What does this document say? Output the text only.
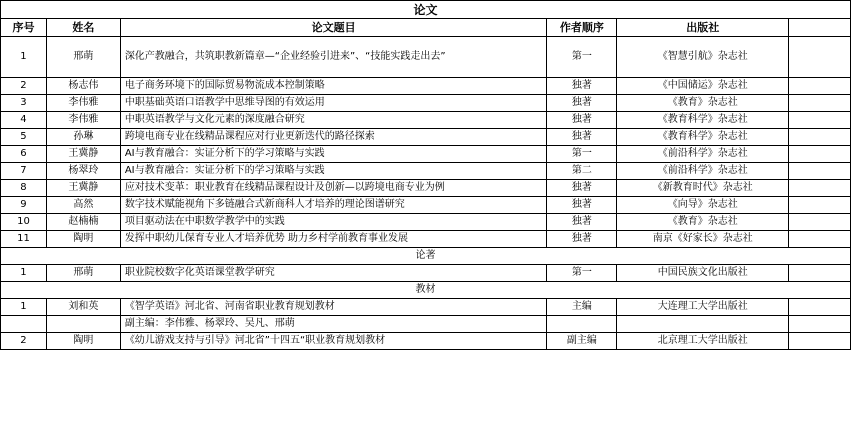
论文					
序号	姓名	论文题目	作者顺序	出版社	
1	邢萌	深化产教融合，共筑职教新篇章—“企业经验引进来”、“技能实践走出去”	第一	《智慧引航》杂志社	
2	杨志伟	电子商务环境下的国际贸易物流成本控制策略	独著	《中国储运》杂志社	
3	李伟雅	中职基础英语口语教学中思维导图的有效运用	独著	《教育》杂志社	
4	李伟雅	中职英语教学与文化元素的深度融合研究	独著	《教育科学》杂志社	
5	孙琳	跨境电商专业在线精品课程应对行业更新迭代的路径探索	独著	《教育科学》杂志社	
6	王冀静	AI与教育融合：实证分析下的学习策略与实践	第一	《前沿科学》杂志社	
7	杨翠玲	AI与教育融合：实证分析下的学习策略与实践	第二	《前沿科学》杂志社	
8	王冀静	应对技术变革：职业教育在线精品课程设计及创新—以跨境电商专业为例	独著	《新教育时代》杂志社	
9	高然	数字技术赋能视角下多链融合式新商科人才培养的理论图谱研究	独著	《向导》杂志社	
10	赵楠楠	项目驱动法在中职数学教学中的实践	独著	《教育》杂志社	
11	陶明	发挥中职幼儿保育专业人才培养优势 助力乡村学前教育事业发展	独著	南京《好家长》杂志社	
论著					
1	邢萌	职业院校数字化英语课堂教学研究	第一	中国民族文化出版社	
教材					
1	刘和英	《智学英语》河北省、河南省职业教育规划教材	主编	大连理工大学出版社	
		副主编：李伟雅、杨翠玲、吴凡、邢萌			
2	陶明	《幼儿游戏支持与引导》河北省”十四五“职业教育规划教材	副主编	北京理工大学出版社	
